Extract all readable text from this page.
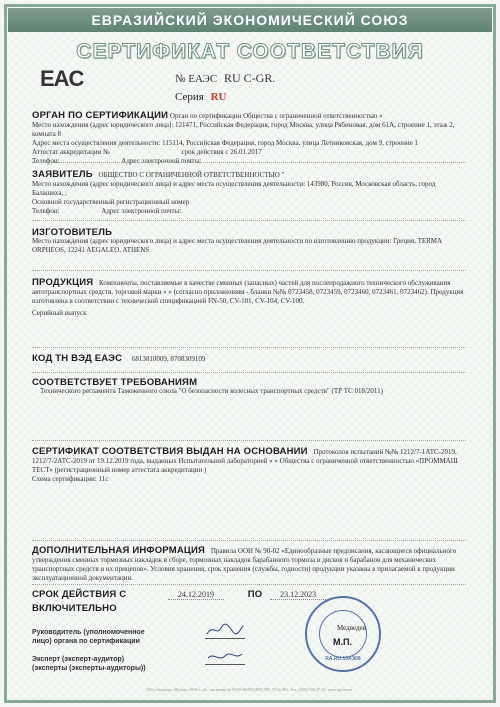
ЕВРАЗИЙСКИЙ ЭКОНОМИЧЕСКИЙ СОЮЗ
СЕРТИФИКАТ СООТВЕТСТВИЯ
EAC	№ ЕАЭС RU С-GR.
Серия RU
ОРГАН ПО СЕРТИФИКАЦИИ Орган по сертификации Общества с ограниченной ответственностью «
Место нахождения (адрес юридического лица): 121471, Российская Федерация, город Москва, улица Рябиновая, дом 61А, строение 1, этаж 2, комната 8
Адрес места осуществления деятельности: 115114, Российская Федерация, город Москва, улица Летниковская, дом 9, строение 1
Аттестат аккредитации №	срок действия с 26.01.2017
Телефон:	Адрес электронной почты:
ЗАЯВИТЕЛЬ ОБЩЕСТВО С ОГРАНИЧЕННОЙ ОТВЕТСТВЕННОСТЬЮ "
Место нахождения (адрес юридического лица) и адрес места осуществления деятельности: 143980, Россия, Московская область, город Балашиха, ;
Основной государственный регистрационный номер
Телефон:	Адрес электронной почты:
ИЗГОТОВИТЕЛЬ
Место нахождения (адрес юридического лица) и адрес места осуществления деятельности по изготовлению продукции: Греция, TERMA ORPHEOS, 12241 AEGALEO, ATHENS
ПРОДУКЦИЯ Компоненты, поставляемые в качестве сменных (запасных) частей для послепродажного технического обслуживания автотранспортных средств, торговой марки « » (согласно приложениям - бланки №№ 0723458, 0723459, 0723460, 0723461, 0723462). Продукция изготовлена в соответствии с технической спецификацией FN-50, CV-101, CV-104, CV-100.
Серийный выпуск
КОД ТН ВЭД ЕАЭС 6813810009, 8708309109
СООТВЕТСТВУЕТ ТРЕБОВАНИЯМ
Технического регламента Таможенного союза "О безопасности колесных транспортных средств" (ТР ТС 018/2011)
СЕРТИФИКАТ СООТВЕТСТВИЯ ВЫДАН НА ОСНОВАНИИ Протоколов испытаний №№ 1212/7-1АТС-2019, 1212/7-2АТС-2019 от 19.12.2019 года, выданных Испытательной лабораторией « » Общества с ограниченной ответственностью «ПРОММАШ ТЕСТ» (регистрационный номер аттестата аккредитации )
Схема сертификации: 11с
ДОПОЛНИТЕЛЬНАЯ ИНФОРМАЦИЯ Правила ООН № 90-02 «Единообразные предписания, касающиеся официального утверждения сменных тормозных накладок в сборе, тормозных накладок барабанного тормоза и дисков и барабанов для механических транспортных средств и их прицепов». Условия хранения, срок хранения (службы, годности) продукции указаны в прилагаемой к продукции эксплуатационной документации.
СРОК ДЕЙСТВИЯ С	24.12.2019	ПО 23.12.2023
ВКЛЮЧИТЕЛЬНО
Руководитель (уполномоченное
лицо) органа по сертификации
Эксперт (эксперт-аудитор)
(эксперты (эксперты-аудиторы))
RA.RU.10АЭ08
Медведев
М.П.
ЗАО «Опцион», Москва, 2019 г., «Б», лицензия № 05-05-09/003 ФНС РФ. ТЗ № 301. Тел.: (495) 726-47-42, www.opcion.ru
